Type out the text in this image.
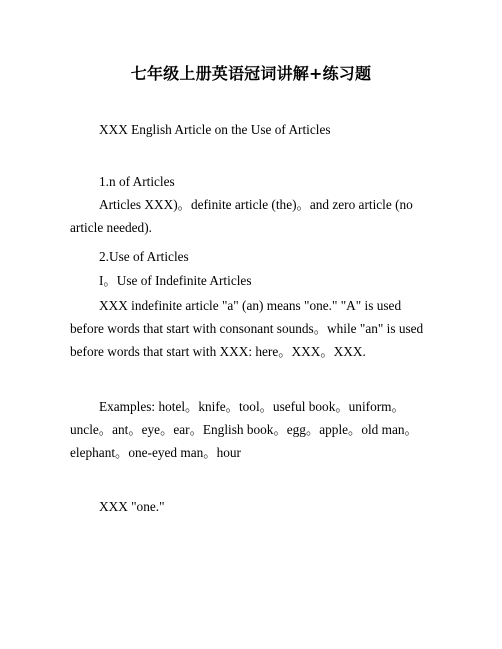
七年级上册英语冠词讲解+练习题

XXX English Article on the Use of Articles

1.n of Articles

Articles XXX)。definite article (the)。and zero article (no article needed).

2.Use of Articles

I。Use of Indefinite Articles

XXX indefinite article "a" (an) means "one." "A" is used before words that start with consonant sounds。while "an" is used before words that start with XXX: here。XXX。XXX.

Examples: hotel。knife。tool。useful book。uniform。uncle。ant。eye。ear。English book。egg。apple。old man。elephant。one-eyed man。hour

XXX "one."
